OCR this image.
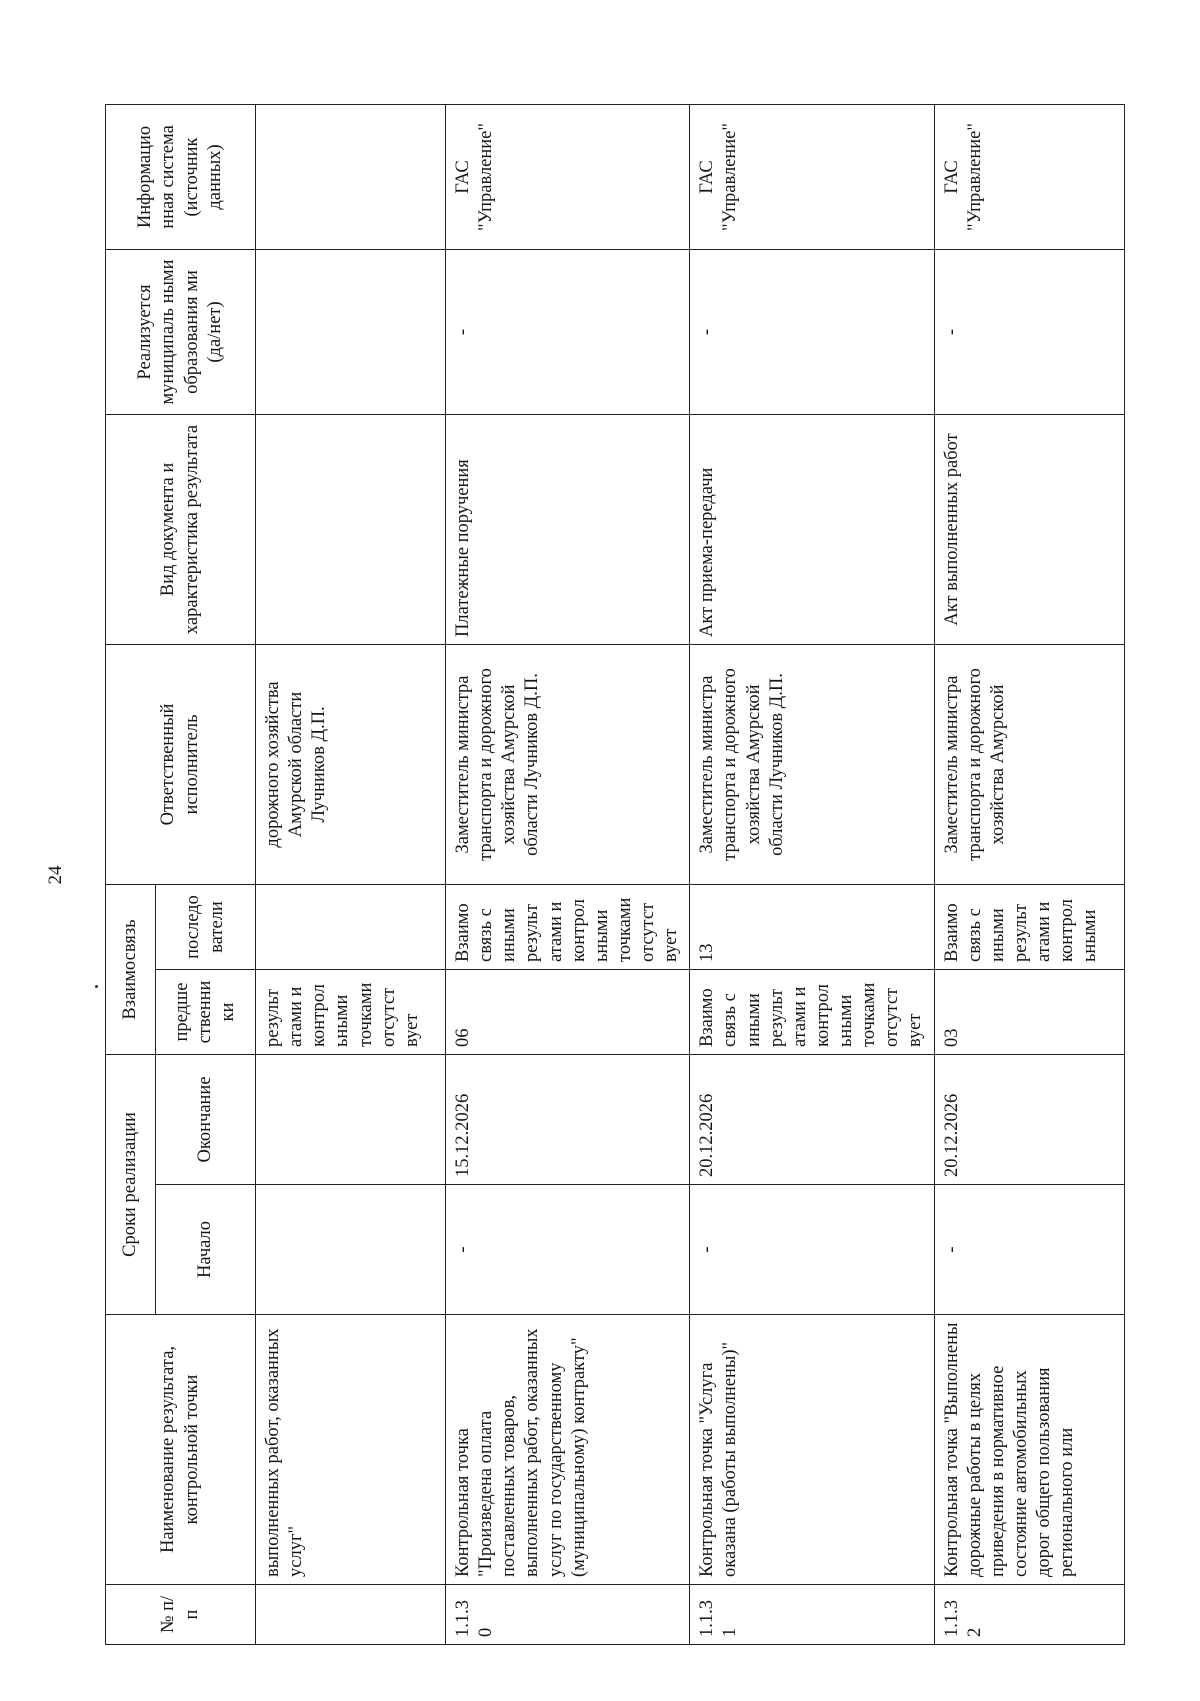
24
№ п/п	Наименование результата, контрольной точки	Сроки реализации		Взаимосвязь		Ответственный исполнитель	Вид документа и характеристика результата	Реализуется муниципаль ными образования ми (да/нет)	Информацио нная система (источник данных)
		Начало	Окончание	предше ственни ки	последо ватели				
	выполненных работ, оказанных услуг"			результ атами и контрол ьными точками отсутст вует		дорожного хозяйства Амурской области Лучников Д.П.			
1.1.30	Контрольная точка "Произведена оплата поставленных товаров, выполненных работ, оказанных услуг по государственному (муниципальному) контракту"	-	15.12.2026	06	Взаимо связь с иными результ атами и контрол ьными точками отсутст вует	Заместитель министра транспорта и дорожного хозяйства Амурской области Лучников Д.П.	Платежные поручения	-	ГАС "Управление"
1.1.31	Контрольная точка "Услуга оказана (работы выполнены)"	-	20.12.2026	Взаимо связь с иными результ атами и контрол ьными точками отсутст вует	13	Заместитель министра транспорта и дорожного хозяйства Амурской области Лучников Д.П.	Акт приема-передачи	-	ГАС "Управление"
1.1.32	Контрольная точка "Выполнены дорожные работы в целях приведения в нормативное состояние автомобильных дорог общего пользования регионального или	-	20.12.2026	03	Взаимо связь с иными результ атами и контрол ьными	Заместитель министра транспорта и дорожного хозяйства Амурской	Акт выполненных работ	-	ГАС "Управление"
